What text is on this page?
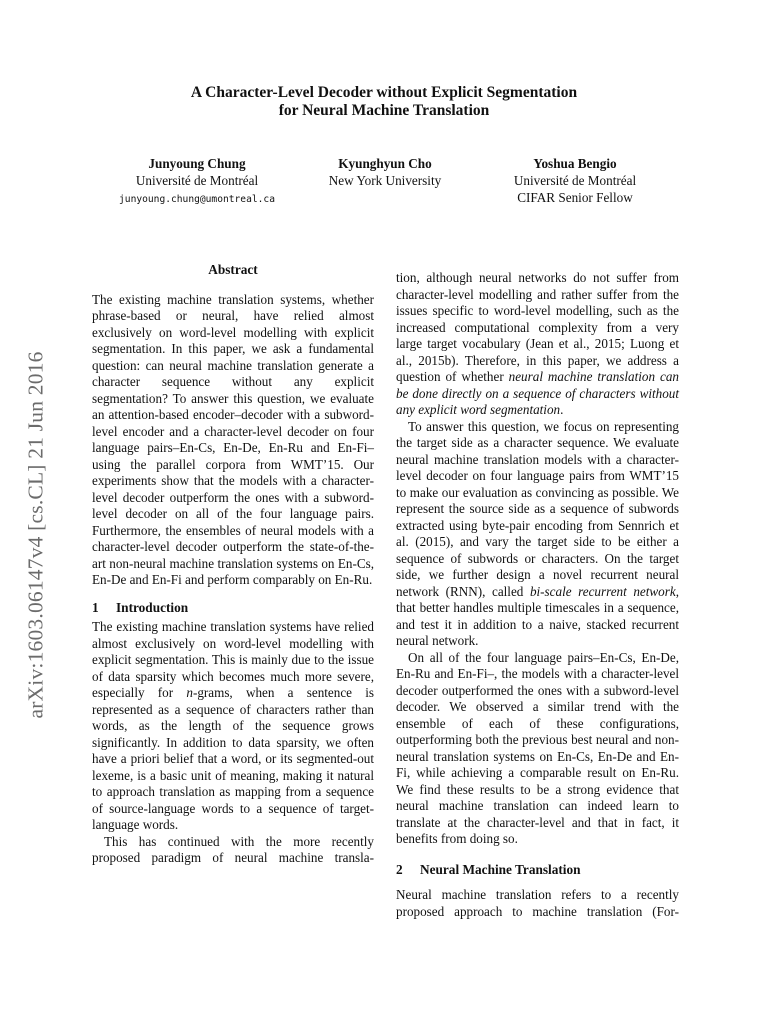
A Character-Level Decoder without Explicit Segmentation
for Neural Machine Translation
Junyoung Chung
Université de Montréal
junyoung.chung@umontreal.ca
Kyunghyun Cho
New York University
Yoshua Bengio
Université de Montréal
CIFAR Senior Fellow
arXiv:1603.06147v4 [cs.CL] 21 Jun 2016
Abstract

The existing machine translation systems, whether phrase-based or neural, have relied almost exclusively on word-level modelling with explicit segmentation. In this paper, we ask a fundamental question: can neural machine translation generate a character sequence without any explicit segmentation? To answer this question, we evaluate an attention-based encoder–decoder with a subword-level encoder and a character-level decoder on four language pairs–En-Cs, En-De, En-Ru and En-Fi– using the parallel corpora from WMT’15. Our experiments show that the models with a character-level decoder outperform the ones with a subword-level decoder on all of the four language pairs. Furthermore, the ensembles of neural models with a character-level decoder outperform the state-of-the-art non-neural machine translation systems on En-Cs, En-De and En-Fi and perform comparably on En-Ru.

1 Introduction

The existing machine translation systems have relied almost exclusively on word-level modelling with explicit segmentation. This is mainly due to the issue of data sparsity which becomes much more severe, especially for n-grams, when a sentence is represented as a sequence of characters rather than words, as the length of the sequence grows significantly. In addition to data sparsity, we often have a priori belief that a word, or its segmented-out lexeme, is a basic unit of meaning, making it natural to approach translation as mapping from a sequence of source-language words to a sequence of target-language words.

This has continued with the more recently proposed paradigm of neural machine transla-

tion, although neural networks do not suffer from character-level modelling and rather suffer from the issues specific to word-level modelling, such as the increased computational complexity from a very large target vocabulary (Jean et al., 2015; Luong et al., 2015b). Therefore, in this paper, we address a question of whether neural machine translation can be done directly on a sequence of characters without any explicit word segmentation.

To answer this question, we focus on representing the target side as a character sequence. We evaluate neural machine translation models with a character-level decoder on four language pairs from WMT’15 to make our evaluation as convincing as possible. We represent the source side as a sequence of subwords extracted using byte-pair encoding from Sennrich et al. (2015), and vary the target side to be either a sequence of subwords or characters. On the target side, we further design a novel recurrent neural network (RNN), called bi-scale recurrent network, that better handles multiple timescales in a sequence, and test it in addition to a naive, stacked recurrent neural network.

On all of the four language pairs–En-Cs, En-De, En-Ru and En-Fi–, the models with a character-level decoder outperformed the ones with a subword-level decoder. We observed a similar trend with the ensemble of each of these configurations, outperforming both the previous best neural and non-neural translation systems on En-Cs, En-De and En-Fi, while achieving a comparable result on En-Ru. We find these results to be a strong evidence that neural machine translation can indeed learn to translate at the character-level and that in fact, it benefits from doing so.

2 Neural Machine Translation

Neural machine translation refers to a recently proposed approach to machine translation (For-
